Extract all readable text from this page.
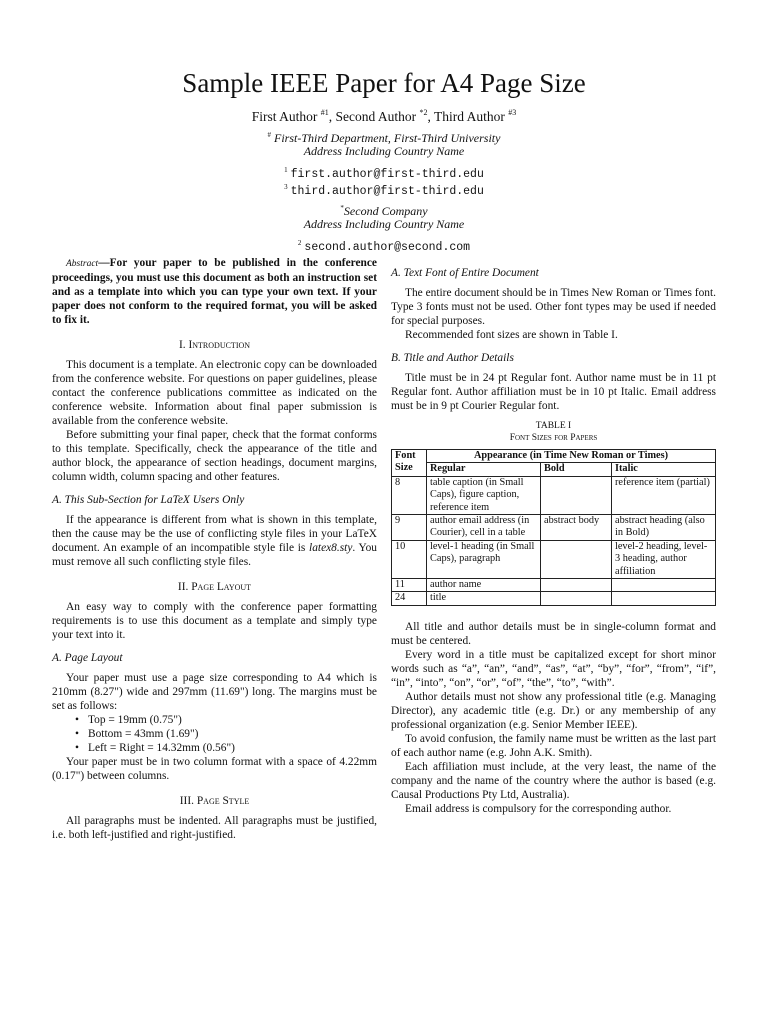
Sample IEEE Paper for A4 Page Size
First Author $^{\#1}$, Second Author $^{*2}$, Third Author $^{\#3}$
# First-Third Department, First-Third University
Address Including Country Name
$^1$ first.author@first-third.edu
$^3$ third.author@first-third.edu
*Second Company
Address Including Country Name
$^2$ second.author@second.com

Abstract—For your paper to be published in the conference proceedings, you must use this document as both an instruction set and as a template into which you can type your own text. If your paper does not conform to the required format, you will be asked to fix it.

I. Introduction

This document is a template. An electronic copy can be downloaded from the conference website. For questions on paper guidelines, please contact the conference publications committee as indicated on the conference website. Information about final paper submission is available from the conference website.

Before submitting your final paper, check that the format conforms to this template. Specifically, check the appearance of the title and author block, the appearance of section headings, document margins, column width, column spacing and other features.

A. This Sub-Section for LaTeX Users Only

If the appearance is different from what is shown in this template, then the cause may be the use of conflicting style files in your LaTeX document. An example of an incompatible style file is latex8.sty. You must remove all such conflicting style files.

II. Page Layout

An easy way to comply with the conference paper formatting requirements is to use this document as a template and simply type your text into it.

A. Page Layout

Your paper must use a page size corresponding to A4 which is 210mm (8.27") wide and 297mm (11.69") long. The margins must be set as follows:

• Top = 19mm (0.75")
• Bottom = 43mm (1.69")
• Left = Right = 14.32mm (0.56")

Your paper must be in two column format with a space of 4.22mm (0.17") between columns.

III. Page Style

All paragraphs must be indented. All paragraphs must be justified, i.e. both left-justified and right-justified.

A. Text Font of Entire Document

The entire document should be in Times New Roman or Times font. Type 3 fonts must not be used. Other font types may be used if needed for special purposes.

Recommended font sizes are shown in Table I.

B. Title and Author Details

Title must be in 24 pt Regular font. Author name must be in 11 pt Regular font. Author affiliation must be in 10 pt Italic. Email address must be in 9 pt Courier Regular font.

TABLE I
Font Sizes for Papers
Font
Size	Appearance (in Time New Roman or Times)		
	Regular	Bold	Italic
8	table caption (in Small Caps), figure caption, reference item		reference item (partial)
9	author email address (in Courier), cell in a table	abstract body	abstract heading (also in Bold)
10	level-1 heading (in Small Caps), paragraph		level-2 heading, level-3 heading, author affiliation
11	author name		
24	title		

All title and author details must be in single-column format and must be centered.

Every word in a title must be capitalized except for short minor words such as “a”, “an”, “and”, “as”, “at”, “by”, “for”, “from”, “if”, “in”, “into”, “on”, “or”, “of”, “the”, “to”, “with”.

Author details must not show any professional title (e.g. Managing Director), any academic title (e.g. Dr.) or any membership of any professional organization (e.g. Senior Member IEEE).

To avoid confusion, the family name must be written as the last part of each author name (e.g. John A.K. Smith).

Each affiliation must include, at the very least, the name of the company and the name of the country where the author is based (e.g. Causal Productions Pty Ltd, Australia).

Email address is compulsory for the corresponding author.
